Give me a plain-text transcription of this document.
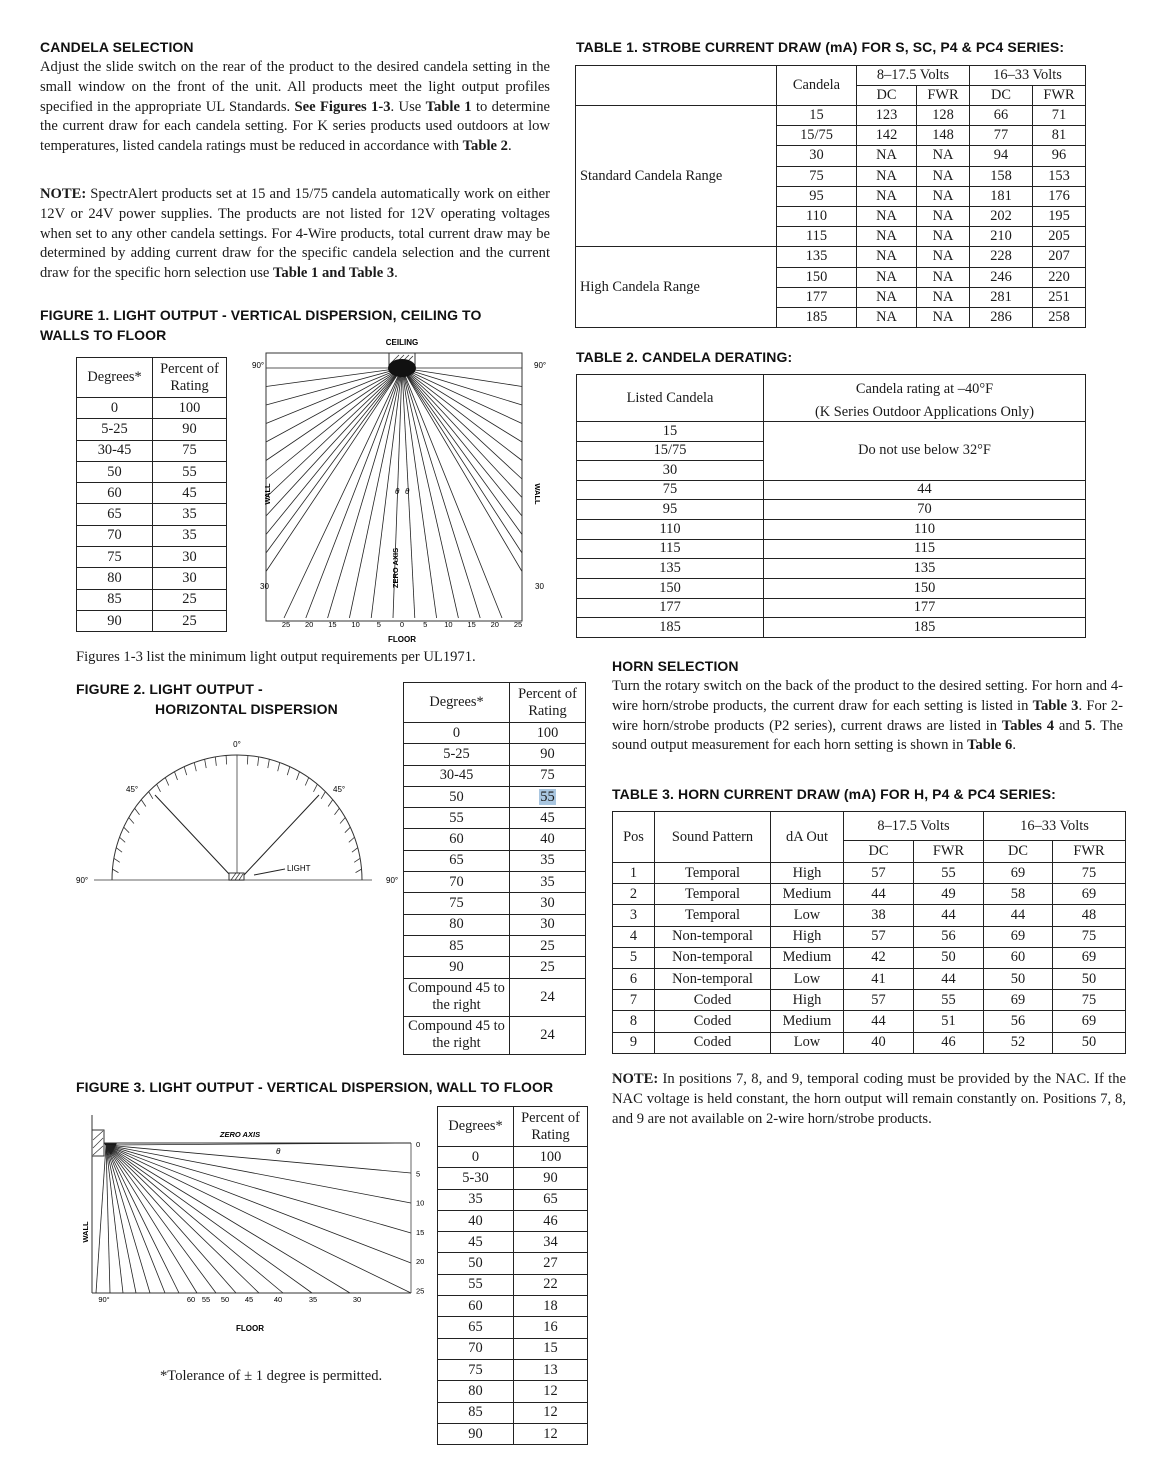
CANDELA SELECTION
Adjust the slide switch on the rear of the product to the desired candela setting in the small window on the front of the unit. All products meet the light output profiles specified in the appropriate UL Standards. See Figures 1-3. Use Table 1 to determine the current draw for each candela setting. For K series products used outdoors at low temperatures, listed candela ratings must be reduced in accordance with Table 2.
NOTE: SpectrAlert products set at 15 and 15/75 candela automatically work on either 12V or 24V power supplies. The products are not listed for 12V operating voltages when set to any other candela settings. For 4-Wire products, total current draw may be determined by adding current draw for the specific candela selection and the current draw for the specific horn selection use Table 1 and Table 3.
FIGURE 1. LIGHT OUTPUT - VERTICAL DISPERSION, CEILING TO
WALLS TO FLOOR
Degrees*	Percent of Rating
0	100
5-25	90
30-45	75
50	55
60	45
65	35
70	35
75	30
80	30
85	25
90	25
CEILING
90°	90°
30	30
FLOOR
WALL	WALL
ZERO AXIS
θ θ
25 20 15 10 5	0	5 10 15 20 25
Figures 1-3 list the minimum light output requirements per UL1971.
FIGURE 2. LIGHT OUTPUT -
HORIZONTAL DISPERSION
0°
45°	45°
90°	90°
LIGHT
Degrees*	Percent of Rating
0	100
5-25	90
30-45	75
50	55
55	45
60	40
65	35
70	35
75	30
80	30
85	25
90	25
Compound 45 to the right	24
Compound 45 to the right	24
FIGURE 3. LIGHT OUTPUT - VERTICAL DISPERSION, WALL TO FLOOR
ZERO AXIS
θ
WALL
FLOOR
0
5
10
15
20
25
90°	60 55 50 45	40	35	30
*Tolerance of ± 1 degree is permitted.
Degrees*	Percent of Rating
0	100
5-30	90
35	65
40	46
45	34
50	27
55	22
60	18
65	16
70	15
75	13
80	12
85	12
90	12
TABLE 1. STROBE CURRENT DRAW (mA) FOR S, SC, P4 & PC4 SERIES:
	Candela	8–17.5 Volts		16–33 Volts	
		DC	FWR	DC	FWR
Standard Candela Range	15	123	128	66	71
	15/75	142	148	77	81
	30	NA	NA	94	96
	75	NA	NA	158	153
	95	NA	NA	181	176
	110	NA	NA	202	195
	115	NA	NA	210	205
High Candela Range	135	NA	NA	228	207
	150	NA	NA	246	220
	177	NA	NA	281	251
	185	NA	NA	286	258
TABLE 2. CANDELA DERATING:
Listed Candela	Candela rating at –40°F
(K Series Outdoor Applications Only)

15	Do not use below 32°F
15/75	
30	
75	44
95	70
110	110
115	115
135	135
150	150
177	177
185	185
HORN SELECTION
Turn the rotary switch on the back of the product to the desired setting. For horn and 4-wire horn/strobe products, the current draw for each setting is listed in Table 3. For 2-wire horn/strobe products (P2 series), current draws are listed in Tables 4 and 5. The sound output measurement for each horn setting is shown in Table 6.
TABLE 3. HORN CURRENT DRAW (mA) FOR H, P4 & PC4 SERIES:
Pos	Sound Pattern	dA Out	8–17.5 Volts		16–33 Volts	
			DC	FWR	DC	FWR
1	Temporal	High	57	55	69	75
2	Temporal	Medium	44	49	58	69
3	Temporal	Low	38	44	44	48
4	Non-temporal	High	57	56	69	75
5	Non-temporal	Medium	42	50	60	69
6	Non-temporal	Low	41	44	50	50
7	Coded	High	57	55	69	75
8	Coded	Medium	44	51	56	69
9	Coded	Low	40	46	52	50
NOTE: In positions 7, 8, and 9, temporal coding must be provided by the NAC. If the NAC voltage is held constant, the horn output will remain constantly on. Positions 7, 8, and 9 are not available on 2-wire horn/strobe products.
